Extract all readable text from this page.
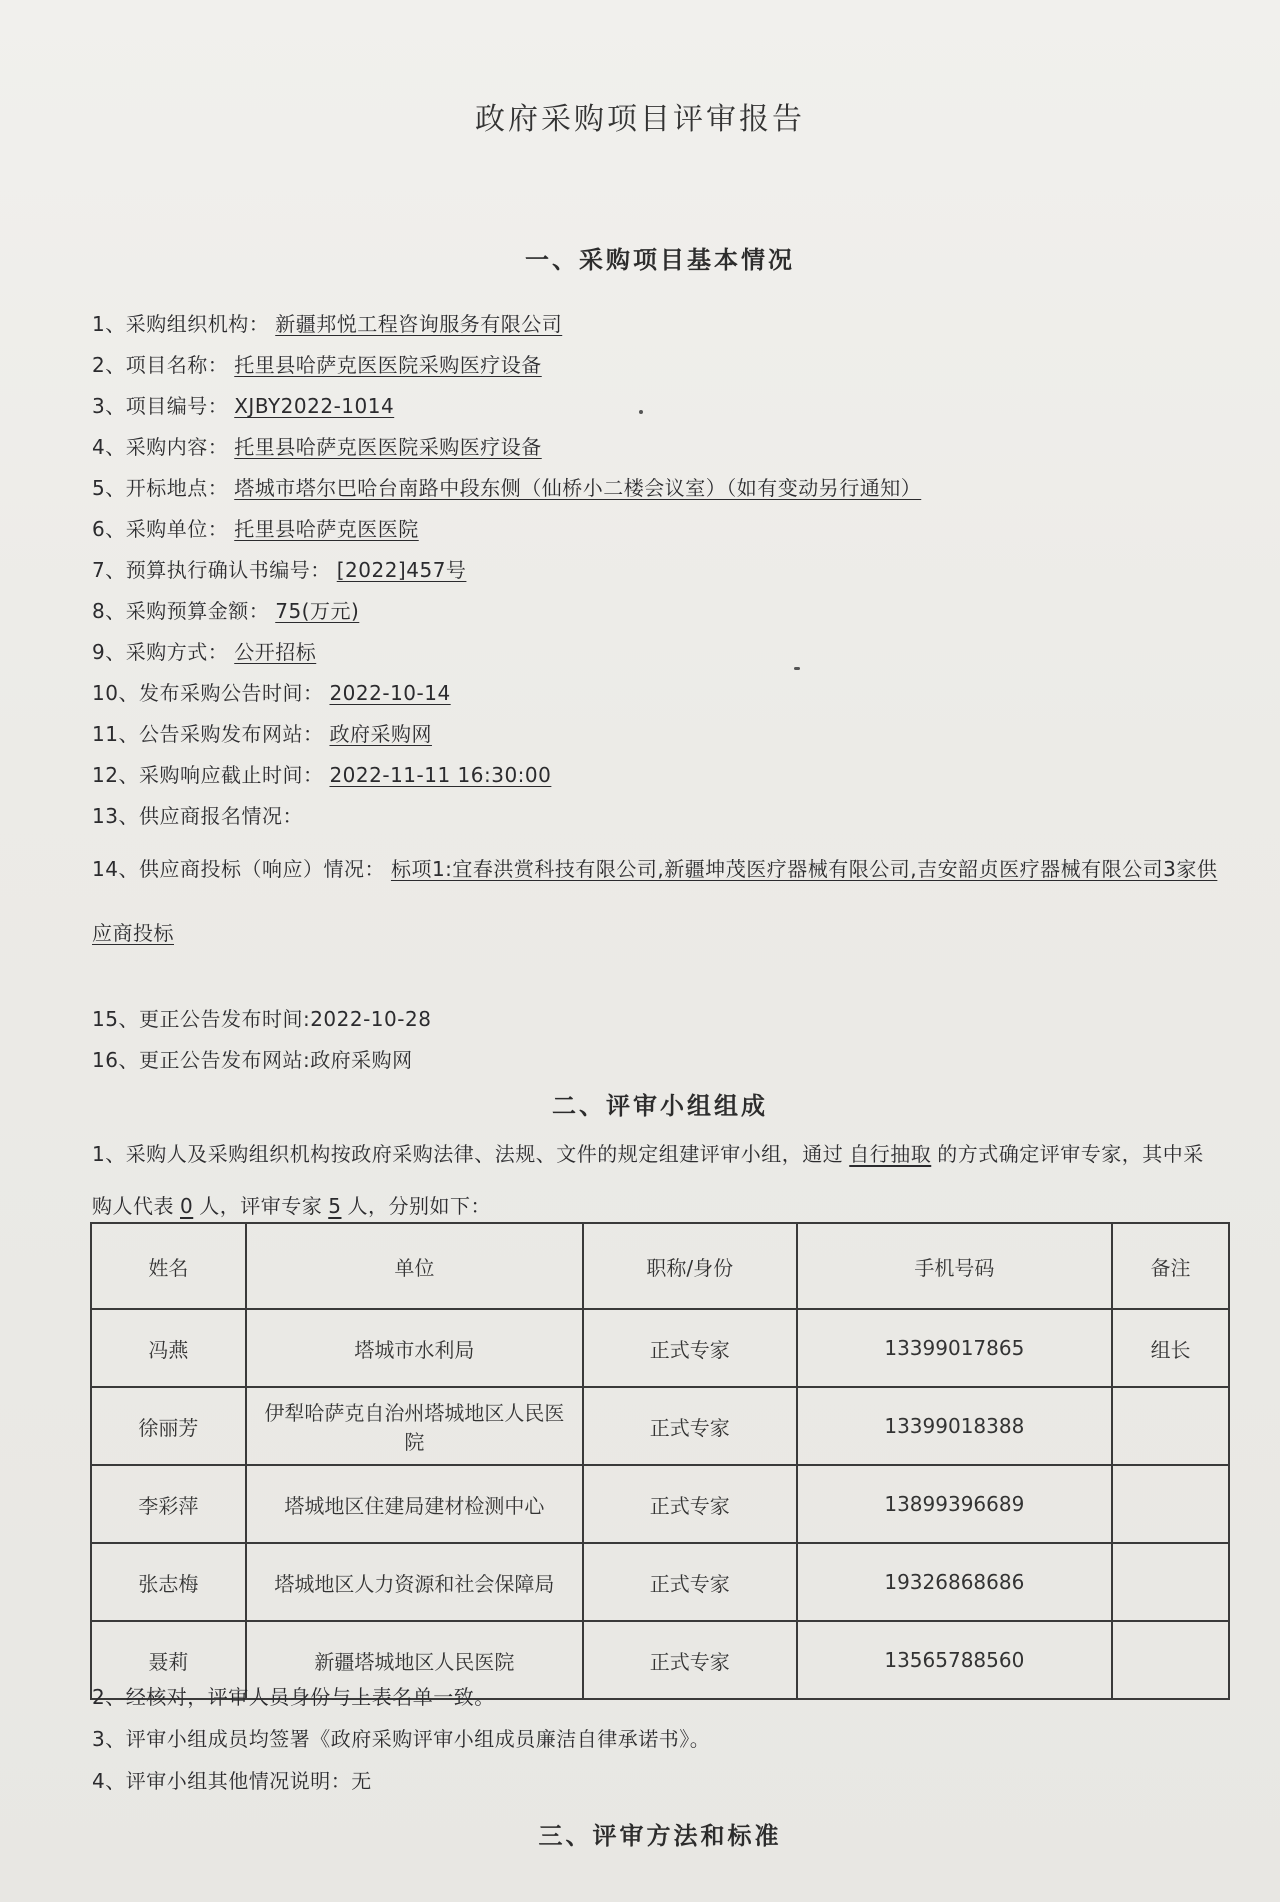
政府采购项目评审报告
一、采购项目基本情况
1、采购组织机构： 新疆邦悦工程咨询服务有限公司
2、项目名称： 托里县哈萨克医医院采购医疗设备
3、项目编号： XJBY2022-1014
4、采购内容： 托里县哈萨克医医院采购医疗设备
5、开标地点： 塔城市塔尔巴哈台南路中段东侧（仙桥小二楼会议室）（如有变动另行通知）
6、采购单位： 托里县哈萨克医医院
7、预算执行确认书编号： [2022]457号
8、采购预算金额： 75(万元)
9、采购方式： 公开招标
10、发布采购公告时间： 2022-10-14
11、公告采购发布网站： 政府采购网
12、采购响应截止时间： 2022-11-11 16:30:00
13、供应商报名情况：
14、供应商投标（响应）情况： 标项1:宜春洪赏科技有限公司,新疆坤茂医疗器械有限公司,吉安韶贞医疗器械有限公司3家供应商投标
15、更正公告发布时间:2022-10-28
16、更正公告发布网站:政府采购网
二、评审小组组成
1、采购人及采购组织机构按政府采购法律、法规、文件的规定组建评审小组，通过 自行抽取 的方式确定评审专家，其中采购人代表 0 人，评审专家 5 人，分别如下：
姓名	单位	职称/身份	手机号码	备注
冯燕	塔城市水利局	正式专家	13399017865	组长
徐丽芳	伊犁哈萨克自治州塔城地区人民医院	正式专家	13399018388	
李彩萍	塔城地区住建局建材检测中心	正式专家	13899396689	
张志梅	塔城地区人力资源和社会保障局	正式专家	19326868686	
聂莉	新疆塔城地区人民医院	正式专家	13565788560	
2、经核对，评审人员身份与上表名单一致。
3、评审小组成员均签署《政府采购评审小组成员廉洁自律承诺书》。
4、评审小组其他情况说明：无
三、评审方法和标准
